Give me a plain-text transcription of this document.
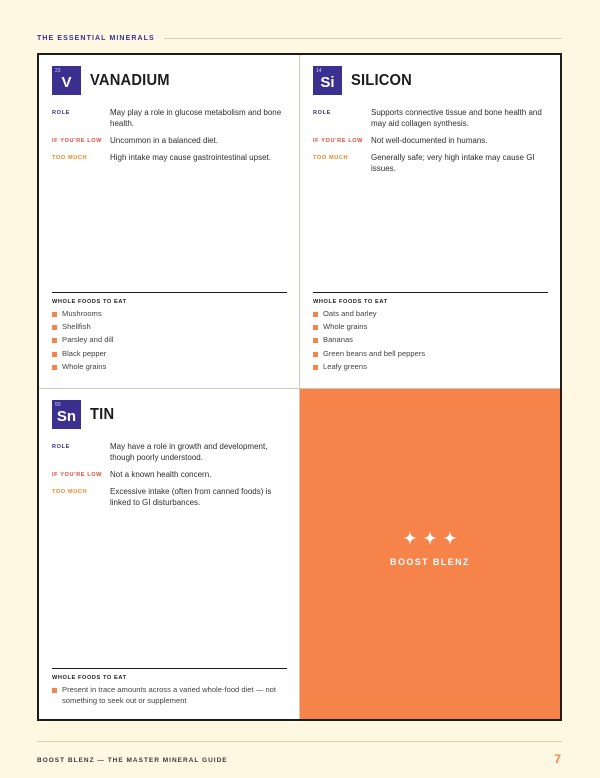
THE ESSENTIAL MINERALS
23
V	VANADIUM
ROLE	May play a role in glucose metabolism and bone health.
IF YOU'RE LOW Uncommon in a balanced diet.
TOO MUCH	High intake may cause gastrointestinal upset.
WHOLE FOODS TO EAT
Mushrooms
Shellfish
Parsley and dill
Black pepper
Whole grains
14
Si	SILICON
ROLE	Supports connective tissue and bone health and may aid collagen synthesis.
IF YOU'RE LOW Not well-documented in humans.
TOO MUCH	Generally safe; very high intake may cause GI issues.
WHOLE FOODS TO EAT
Oats and barley
Whole grains
Bananas
Green beans and bell peppers
Leafy greens
50
Sn TIN
ROLE	May have a role in growth and development, though poorly understood.
IF YOU'RE LOW Not a known health concern.
TOO MUCH	Excessive intake (often from canned foods) is linked to GI disturbances.
WHOLE FOODS TO EAT
Present in trace amounts across a varied whole-food diet — not something to seek out or supplement
BOOST BLENZ
BOOST BLENZ — THE MASTER MINERAL GUIDE	7
